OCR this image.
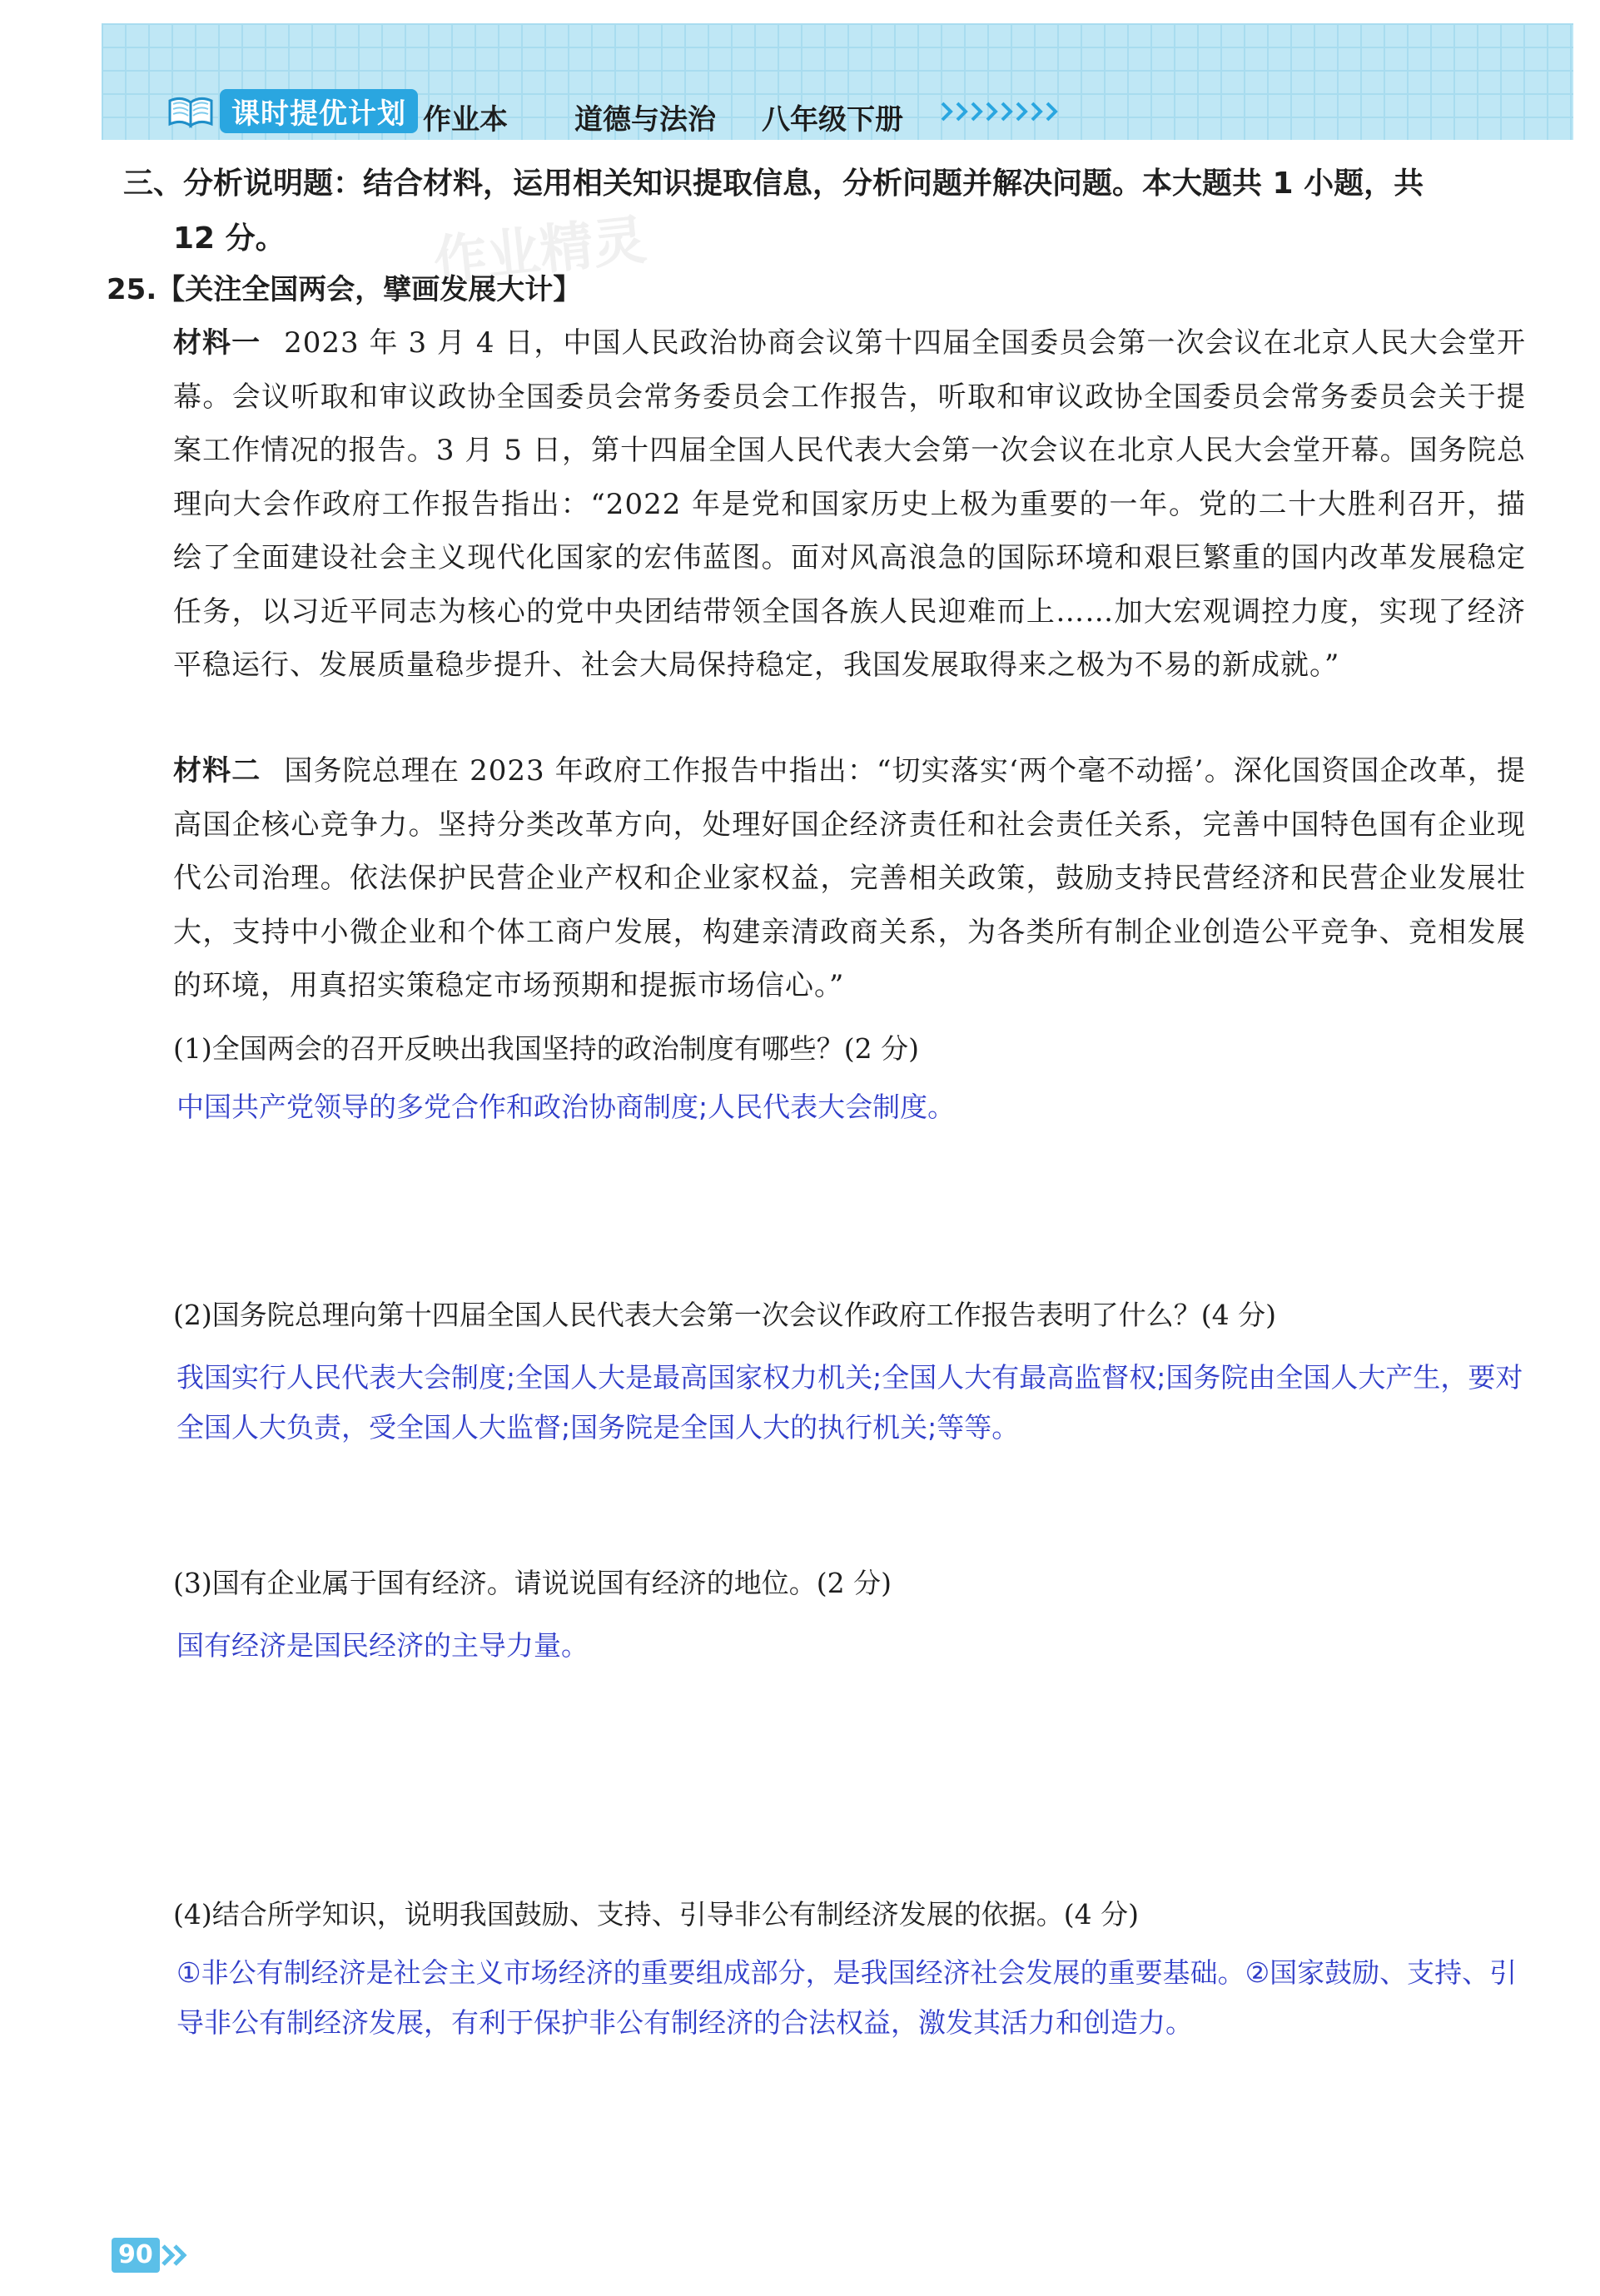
课时提优计划 作业本 道德与法治 八年级下册
三、分析说明题：结合材料，运用相关知识提取信息，分析问题并解决问题。本大题共 1 小题，共
12 分。	作业精灵
25.【关注全国两会，擘画发展大计】
材料一 2023 年 3 月 4 日，中国人民政治协商会议第十四届全国委员会第一次会议在北京人民大会堂开幕。会议听取和审议政协全国委员会常务委员会工作报告，听取和审议政协全国委员会常务委员会关于提案工作情况的报告。3 月 5 日，第十四届全国人民代表大会第一次会议在北京人民大会堂开幕。国务院总理向大会作政府工作报告指出：“2022 年是党和国家历史上极为重要的一年。党的二十大胜利召开，描绘了全面建设社会主义现代化国家的宏伟蓝图。面对风高浪急的国际环境和艰巨繁重的国内改革发展稳定任务，以习近平同志为核心的党中央团结带领全国各族人民迎难而上……加大宏观调控力度，实现了经济平稳运行、发展质量稳步提升、社会大局保持稳定，我国发展取得来之极为不易的新成就。”
材料二 国务院总理在 2023 年政府工作报告中指出：“切实落实‘两个毫不动摇’。深化国资国企改革，提高国企核心竞争力。坚持分类改革方向，处理好国企经济责任和社会责任关系，完善中国特色国有企业现代公司治理。依法保护民营企业产权和企业家权益，完善相关政策，鼓励支持民营经济和民营企业发展壮大，支持中小微企业和个体工商户发展，构建亲清政商关系，为各类所有制企业创造公平竞争、竞相发展的环境，用真招实策稳定市场预期和提振市场信心。”
(1)全国两会的召开反映出我国坚持的政治制度有哪些？(2 分)
中国共产党领导的多党合作和政治协商制度;人民代表大会制度。
(2)国务院总理向第十四届全国人民代表大会第一次会议作政府工作报告表明了什么？(4 分)
我国实行人民代表大会制度;全国人大是最高国家权力机关;全国人大有最高监督权;国务院由全国人大产生，要对全国人大负责，受全国人大监督;国务院是全国人大的执行机关;等等。
(3)国有企业属于国有经济。请说说国有经济的地位。(2 分)
国有经济是国民经济的主导力量。
(4)结合所学知识，说明我国鼓励、支持、引导非公有制经济发展的依据。(4 分)
①非公有制经济是社会主义市场经济的重要组成部分，是我国经济社会发展的重要基础。②国家鼓励、支持、引导非公有制经济发展，有利于保护非公有制经济的合法权益，激发其活力和创造力。
90
